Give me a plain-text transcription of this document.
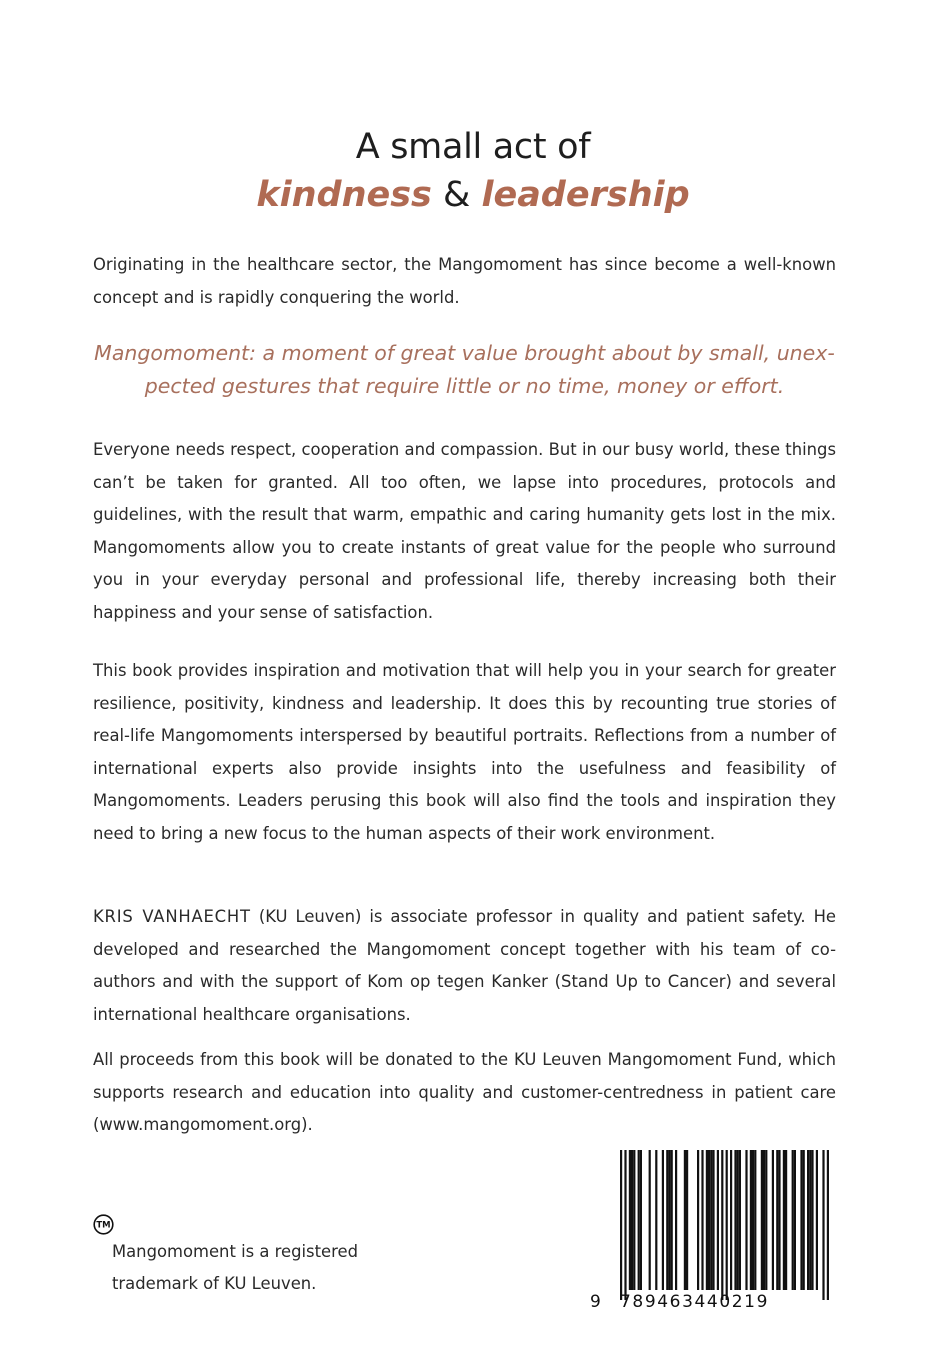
A small act of
kindness & leadership

Originating in the healthcare sector, the Mangomoment has since become a well-known concept and is rapidly conquering the world.

Mangomoment: a moment of great value brought about by small, unex-
pected gestures that require little or no time, money or effort.

Everyone needs respect, cooperation and compassion. But in our busy world, these things can’t be taken for granted. All too often, we lapse into procedures, protocols and guidelines, with the result that warm, empathic and caring humanity gets lost in the mix. Mangomoments allow you to create instants of great value for the people who surround you in your everyday personal and professional life, thereby increasing both their happiness and your sense of satisfaction.

This book provides inspiration and motivation that will help you in your search for greater resilience, positivity, kindness and leadership. It does this by recounting true stories of real-life Mangomoments interspersed by beautiful portraits. Reflections from a number of international experts also provide insights into the usefulness and feasibility of Mangomoments. Leaders perusing this book will also find the tools and inspiration they need to bring a new focus to the human aspects of their work environment.

KRIS VANHAECHT (KU Leuven) is associate professor in quality and patient safety. He developed and researched the Mangomoment concept together with his team of co-authors and with the support of Kom op tegen Kanker (Stand Up to Cancer) and several international healthcare organisations.

All proceeds from this book will be donated to the KU Leuven Mangomoment Fund, which supports research and education into quality and customer-centredness in patient care (www.mangomoment.org).

TM

Mangomoment is a registered
trademark of KU Leuven.

9 789463440219
